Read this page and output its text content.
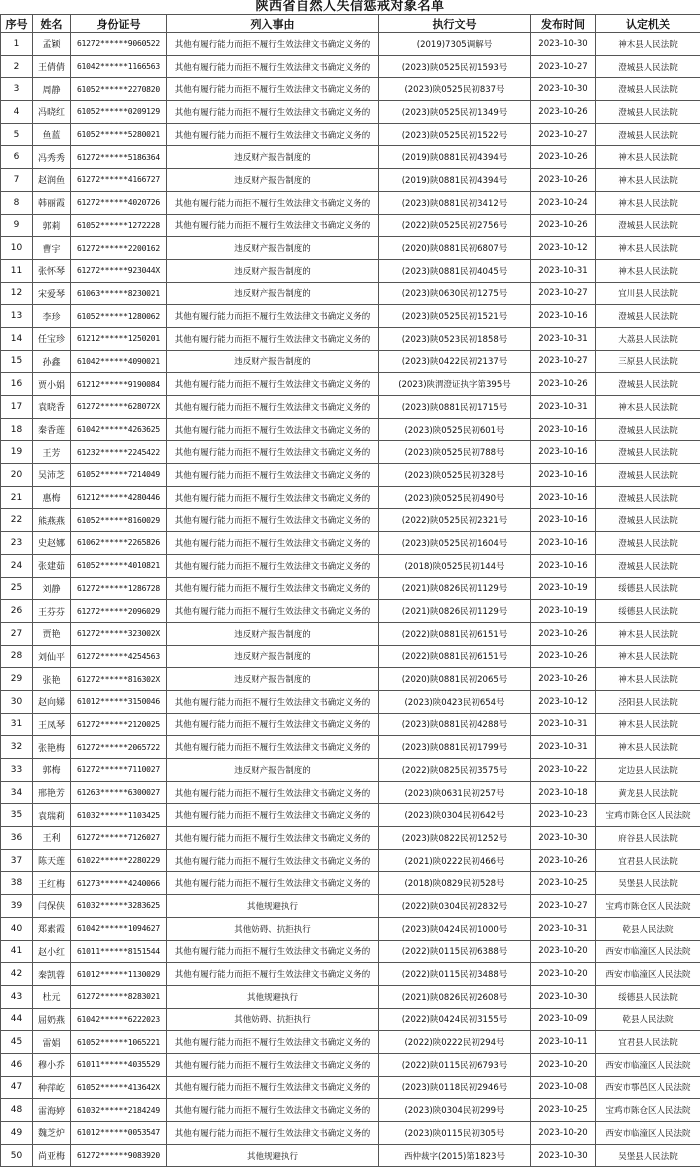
陕西省自然人失信惩戒对象名单
序号	姓名	身份证号	列入事由	执行文号	发布时间	认定机关
1	孟颖	61272******9060522	其他有履行能力而拒不履行生效法律文书确定义务的	(2019)7305调解号	2023-10-30	神木县人民法院
2	王倩倩	61042******1166563	其他有履行能力而拒不履行生效法律文书确定义务的	(2023)陕0525民初1593号	2023-10-27	澄城县人民法院
3	周静	61052******2270820	其他有履行能力而拒不履行生效法律文书确定义务的	(2023)陕0525民初837号	2023-10-30	澄城县人民法院
4	冯晓红	61052******0209129	其他有履行能力而拒不履行生效法律文书确定义务的	(2023)陕0525民初1349号	2023-10-26	澄城县人民法院
5	鱼蓝	61052******5280021	其他有履行能力而拒不履行生效法律文书确定义务的	(2023)陕0525民初1522号	2023-10-27	澄城县人民法院
6	冯秀秀	61272******5186364	违反财产报告制度的	(2019)陕0881民初4394号	2023-10-26	神木县人民法院
7	赵润鱼	61272******4166727	违反财产报告制度的	(2019)陕0881民初4394号	2023-10-26	神木县人民法院
8	韩丽霞	61272******4020726	其他有履行能力而拒不履行生效法律文书确定义务的	(2023)陕0881民初3412号	2023-10-24	神木县人民法院
9	郭莉	61052******1272228	其他有履行能力而拒不履行生效法律文书确定义务的	(2022)陕0525民初2756号	2023-10-26	澄城县人民法院
10	曹宇	61272******2200162	违反财产报告制度的	(2020)陕0881民初6807号	2023-10-12	神木县人民法院
11	张怀琴	61272******923044X	违反财产报告制度的	(2023)陕0881民初4045号	2023-10-31	神木县人民法院
12	宋爱琴	61063******8230021	违反财产报告制度的	(2023)陕0630民初1275号	2023-10-27	宜川县人民法院
13	李珍	61052******1280062	其他有履行能力而拒不履行生效法律文书确定义务的	(2023)陕0525民初1521号	2023-10-16	澄城县人民法院
14	任宝珍	61212******1250201	其他有履行能力而拒不履行生效法律文书确定义务的	(2023)陕0523民初1858号	2023-10-31	大荔县人民法院
15	孙鑫	61042******4090021	违反财产报告制度的	(2023)陕0422民初2137号	2023-10-27	三原县人民法院
16	贾小娟	61212******9190084	其他有履行能力而拒不履行生效法律文书确定义务的	(2023)陕渭澄证执字第395号	2023-10-26	澄城县人民法院
17	袁晓香	61272******628072X	其他有履行能力而拒不履行生效法律文书确定义务的	(2023)陕0881民初1715号	2023-10-31	神木县人民法院
18	秦香莲	61042******4263625	其他有履行能力而拒不履行生效法律文书确定义务的	(2023)陕0525民初601号	2023-10-16	澄城县人民法院
19	王芳	61232******2245422	其他有履行能力而拒不履行生效法律文书确定义务的	(2023)陕0525民初788号	2023-10-16	澄城县人民法院
20	吴沛芝	61052******7214049	其他有履行能力而拒不履行生效法律文书确定义务的	(2023)陕0525民初328号	2023-10-16	澄城县人民法院
21	惠梅	61212******4280446	其他有履行能力而拒不履行生效法律文书确定义务的	(2023)陕0525民初490号	2023-10-16	澄城县人民法院
22	熊燕燕	61052******8160029	其他有履行能力而拒不履行生效法律文书确定义务的	(2022)陕0525民初2321号	2023-10-16	澄城县人民法院
23	史赵娜	61062******2265826	其他有履行能力而拒不履行生效法律文书确定义务的	(2023)陕0525民初1604号	2023-10-16	澄城县人民法院
24	张建茹	61052******4010821	其他有履行能力而拒不履行生效法律文书确定义务的	(2018)陕0525民初144号	2023-10-16	澄城县人民法院
25	刘静	61272******1286728	其他有履行能力而拒不履行生效法律文书确定义务的	(2021)陕0826民初1129号	2023-10-19	绥德县人民法院
26	王芬芬	61272******2096029	其他有履行能力而拒不履行生效法律文书确定义务的	(2021)陕0826民初1129号	2023-10-19	绥德县人民法院
27	贾艳	61272******323002X	违反财产报告制度的	(2022)陕0881民初6151号	2023-10-26	神木县人民法院
28	刘仙平	61272******4254563	违反财产报告制度的	(2022)陕0881民初6151号	2023-10-26	神木县人民法院
29	张艳	61272******816302X	违反财产报告制度的	(2020)陕0881民初2065号	2023-10-26	神木县人民法院
30	赵向娣	61012******3150046	其他有履行能力而拒不履行生效法律文书确定义务的	(2023)陕0423民初654号	2023-10-12	泾阳县人民法院
31	王凤琴	61272******2120025	其他有履行能力而拒不履行生效法律文书确定义务的	(2023)陕0881民初4288号	2023-10-31	神木县人民法院
32	张艳梅	61272******2065722	其他有履行能力而拒不履行生效法律文书确定义务的	(2023)陕0881民初1799号	2023-10-31	神木县人民法院
33	郭梅	61272******7110027	违反财产报告制度的	(2022)陕0825民初3575号	2023-10-22	定边县人民法院
34	邢艳芳	61263******6300027	其他有履行能力而拒不履行生效法律文书确定义务的	(2023)陕0631民初257号	2023-10-18	黄龙县人民法院
35	袁瑞莉	61032******1103425	其他有履行能力而拒不履行生效法律文书确定义务的	(2023)陕0304民初642号	2023-10-23	宝鸡市陈仓区人民法院
36	王利	61272******7126027	其他有履行能力而拒不履行生效法律文书确定义务的	(2023)陕0822民初1252号	2023-10-30	府谷县人民法院
37	陈天莲	61022******2280229	其他有履行能力而拒不履行生效法律文书确定义务的	(2021)陕0222民初466号	2023-10-26	宜君县人民法院
38	王红梅	61273******4240066	其他有履行能力而拒不履行生效法律文书确定义务的	(2018)陕0829民初528号	2023-10-25	吴堡县人民法院
39	闫保侠	61032******3283625	其他规避执行	(2022)陕0304民初2832号	2023-10-27	宝鸡市陈仓区人民法院
40	郑素霞	61042******1094627	其他妨碍、抗拒执行	(2023)陕0424民初1000号	2023-10-31	乾县人民法院
41	赵小红	61011******8151544	其他有履行能力而拒不履行生效法律文书确定义务的	(2022)陕0115民初6388号	2023-10-20	西安市临潼区人民法院
42	秦凯蓉	61012******1130029	其他有履行能力而拒不履行生效法律文书确定义务的	(2022)陕0115民初3488号	2023-10-20	西安市临潼区人民法院
43	杜元	61272******8283021	其他规避执行	(2021)陕0826民初2608号	2023-10-30	绥德县人民法院
44	屈奶燕	61042******6222023	其他妨碍、抗拒执行	(2022)陕0424民初3155号	2023-10-09	乾县人民法院
45	雷娟	61052******1065221	其他有履行能力而拒不履行生效法律文书确定义务的	(2022)陕0222民初294号	2023-10-11	宜君县人民法院
46	穆小乔	61011******4035529	其他有履行能力而拒不履行生效法律文书确定义务的	(2022)陕0115民初6793号	2023-10-20	西安市临潼区人民法院
47	种萍屹	61052******413642X	其他有履行能力而拒不履行生效法律文书确定义务的	(2023)陕0118民初2946号	2023-10-08	西安市鄠邑区人民法院
48	雷海婷	61032******2184249	其他有履行能力而拒不履行生效法律文书确定义务的	(2023)陕0304民初299号	2023-10-25	宝鸡市陈仓区人民法院
49	魏芝炉	61012******0053547	其他有履行能力而拒不履行生效法律文书确定义务的	(2023)陕0115民初305号	2023-10-20	西安市临潼区人民法院
50	尚亚梅	61272******9083920	其他规避执行	西仲裁字(2015)第1823号	2023-10-30	吴堡县人民法院
